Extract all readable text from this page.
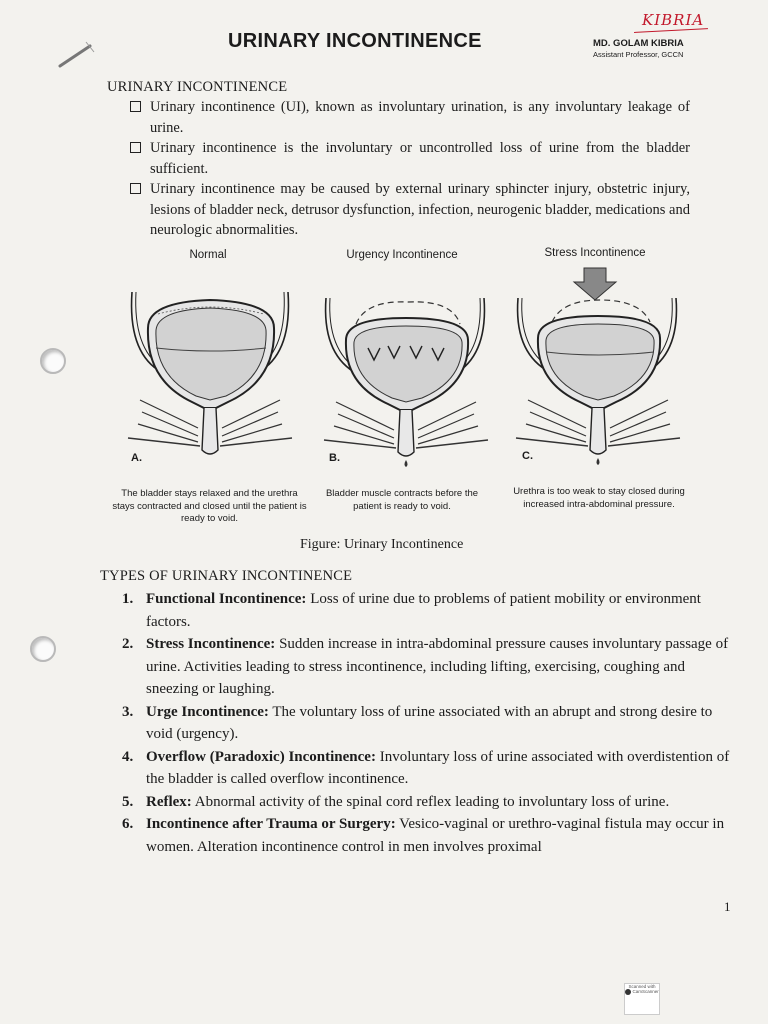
KIBRIA
URINARY INCONTINENCE	MD. GOLAM KIBRIA
Assistant Professor, GCCN
URINARY INCONTINENCE
Urinary incontinence (UI), known as involuntary urination, is any involuntary leakage of urine.
Urinary incontinence is the involuntary or uncontrolled loss of urine from the bladder sufficient.
Urinary incontinence may be caused by external urinary sphincter injury, obstetric injury, lesions of bladder neck, detrusor dysfunction, infection, neurogenic bladder, medications and neurologic abnormalities.
Normal	Urgency Incontinence	Stress Incontinence
A.	B.	C.
The bladder stays relaxed and the urethra stays contracted and closed until the patient is ready to void.
Bladder muscle contracts before the patient is ready to void.
Urethra is too weak to stay closed during increased intra-abdominal pressure.
Figure: Urinary Incontinence
TYPES OF URINARY INCONTINENCE
1. Functional Incontinence: Loss of urine due to problems of patient mobility or environment factors.
2. Stress Incontinence: Sudden increase in intra-abdominal pressure causes involuntary passage of urine. Activities leading to stress incontinence, including lifting, exercising, coughing and sneezing or laughing.
3. Urge Incontinence: The voluntary loss of urine associated with an abrupt and strong desire to void (urgency).
4. Overflow (Paradoxic) Incontinence: Involuntary loss of urine associated with overdistention of the bladder is called overflow incontinence.
5. Reflex: Abnormal activity of the spinal cord reflex leading to involuntary loss of urine.
6. Incontinence after Trauma or Surgery: Vesico-vaginal or urethro-vaginal fistula may occur in women. Alteration incontinence control in men involves proximal
1
Scanned with
CamScanner
